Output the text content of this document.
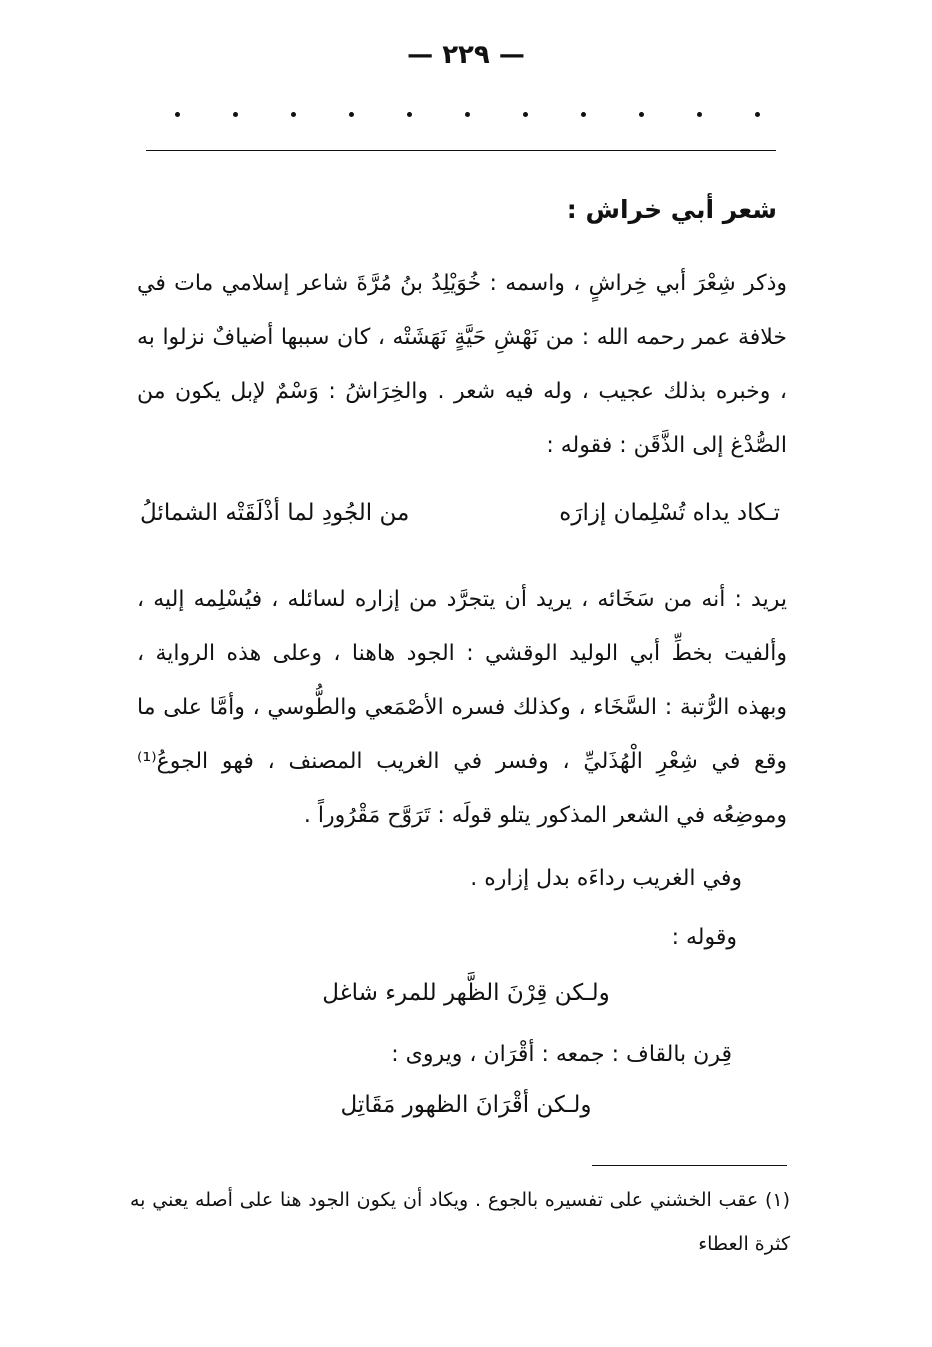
— ٢٢٩ —
شعر أبي خراش :
وذكر شِعْرَ أبي خِراشٍ ، واسمه : خُوَيْلِدُ بنُ مُرَّةَ شاعر إسلامي مات في خلافة عمر رحمه الله : من نَهْشِ حَيَّةٍ نَهَشَتْه ، كان سببها أضيافٌ نزلوا به ، وخبره بذلك عجيب ، وله فيه شعر . والخِرَاشُ : وَسْمٌ لإبل يكون من الصُّدْغ إلى الذَّقَن : فقوله :
تـكاد يداه تُسْلِمان إزارَه
من الجُودِ لما أذْلَقَتْه الشمائلُ
يريد : أنه من سَخَائه ، يريد أن يتجرَّد من إزاره لسائله ، فيُسْلِمه إليه ، وألفيت بخطِّ أبي الوليد الوقشي : الجود هاهنا ، وعلى هذه الرواية ، وبهذه الرُّتبة : السَّخَاء ، وكذلك فسره الأصْمَعي والطُّوسي ، وأمَّا على ما وقع في شِعْرِ الْهُذَليِّ ، وفسر في الغريب المصنف ، فهو الجوعُ⁽¹⁾ وموضِعُه في الشعر المذكور يتلو قولَه : تَرَوَّح مَقْرُوراً .
وفي الغريب رداءَه بدل إزاره .
وقوله :
ولـكن قِرْنَ الظَّهر للمرء شاغل
قِرن بالقاف : جمعه : أقْرَان ، ويروى :
ولـكن أقْرَانَ الظهور مَقَاتِل
(١) عقب الخشني على تفسيره بالجوع . ويكاد أن يكون الجود هنا على أصله يعني به كثرة العطاء
